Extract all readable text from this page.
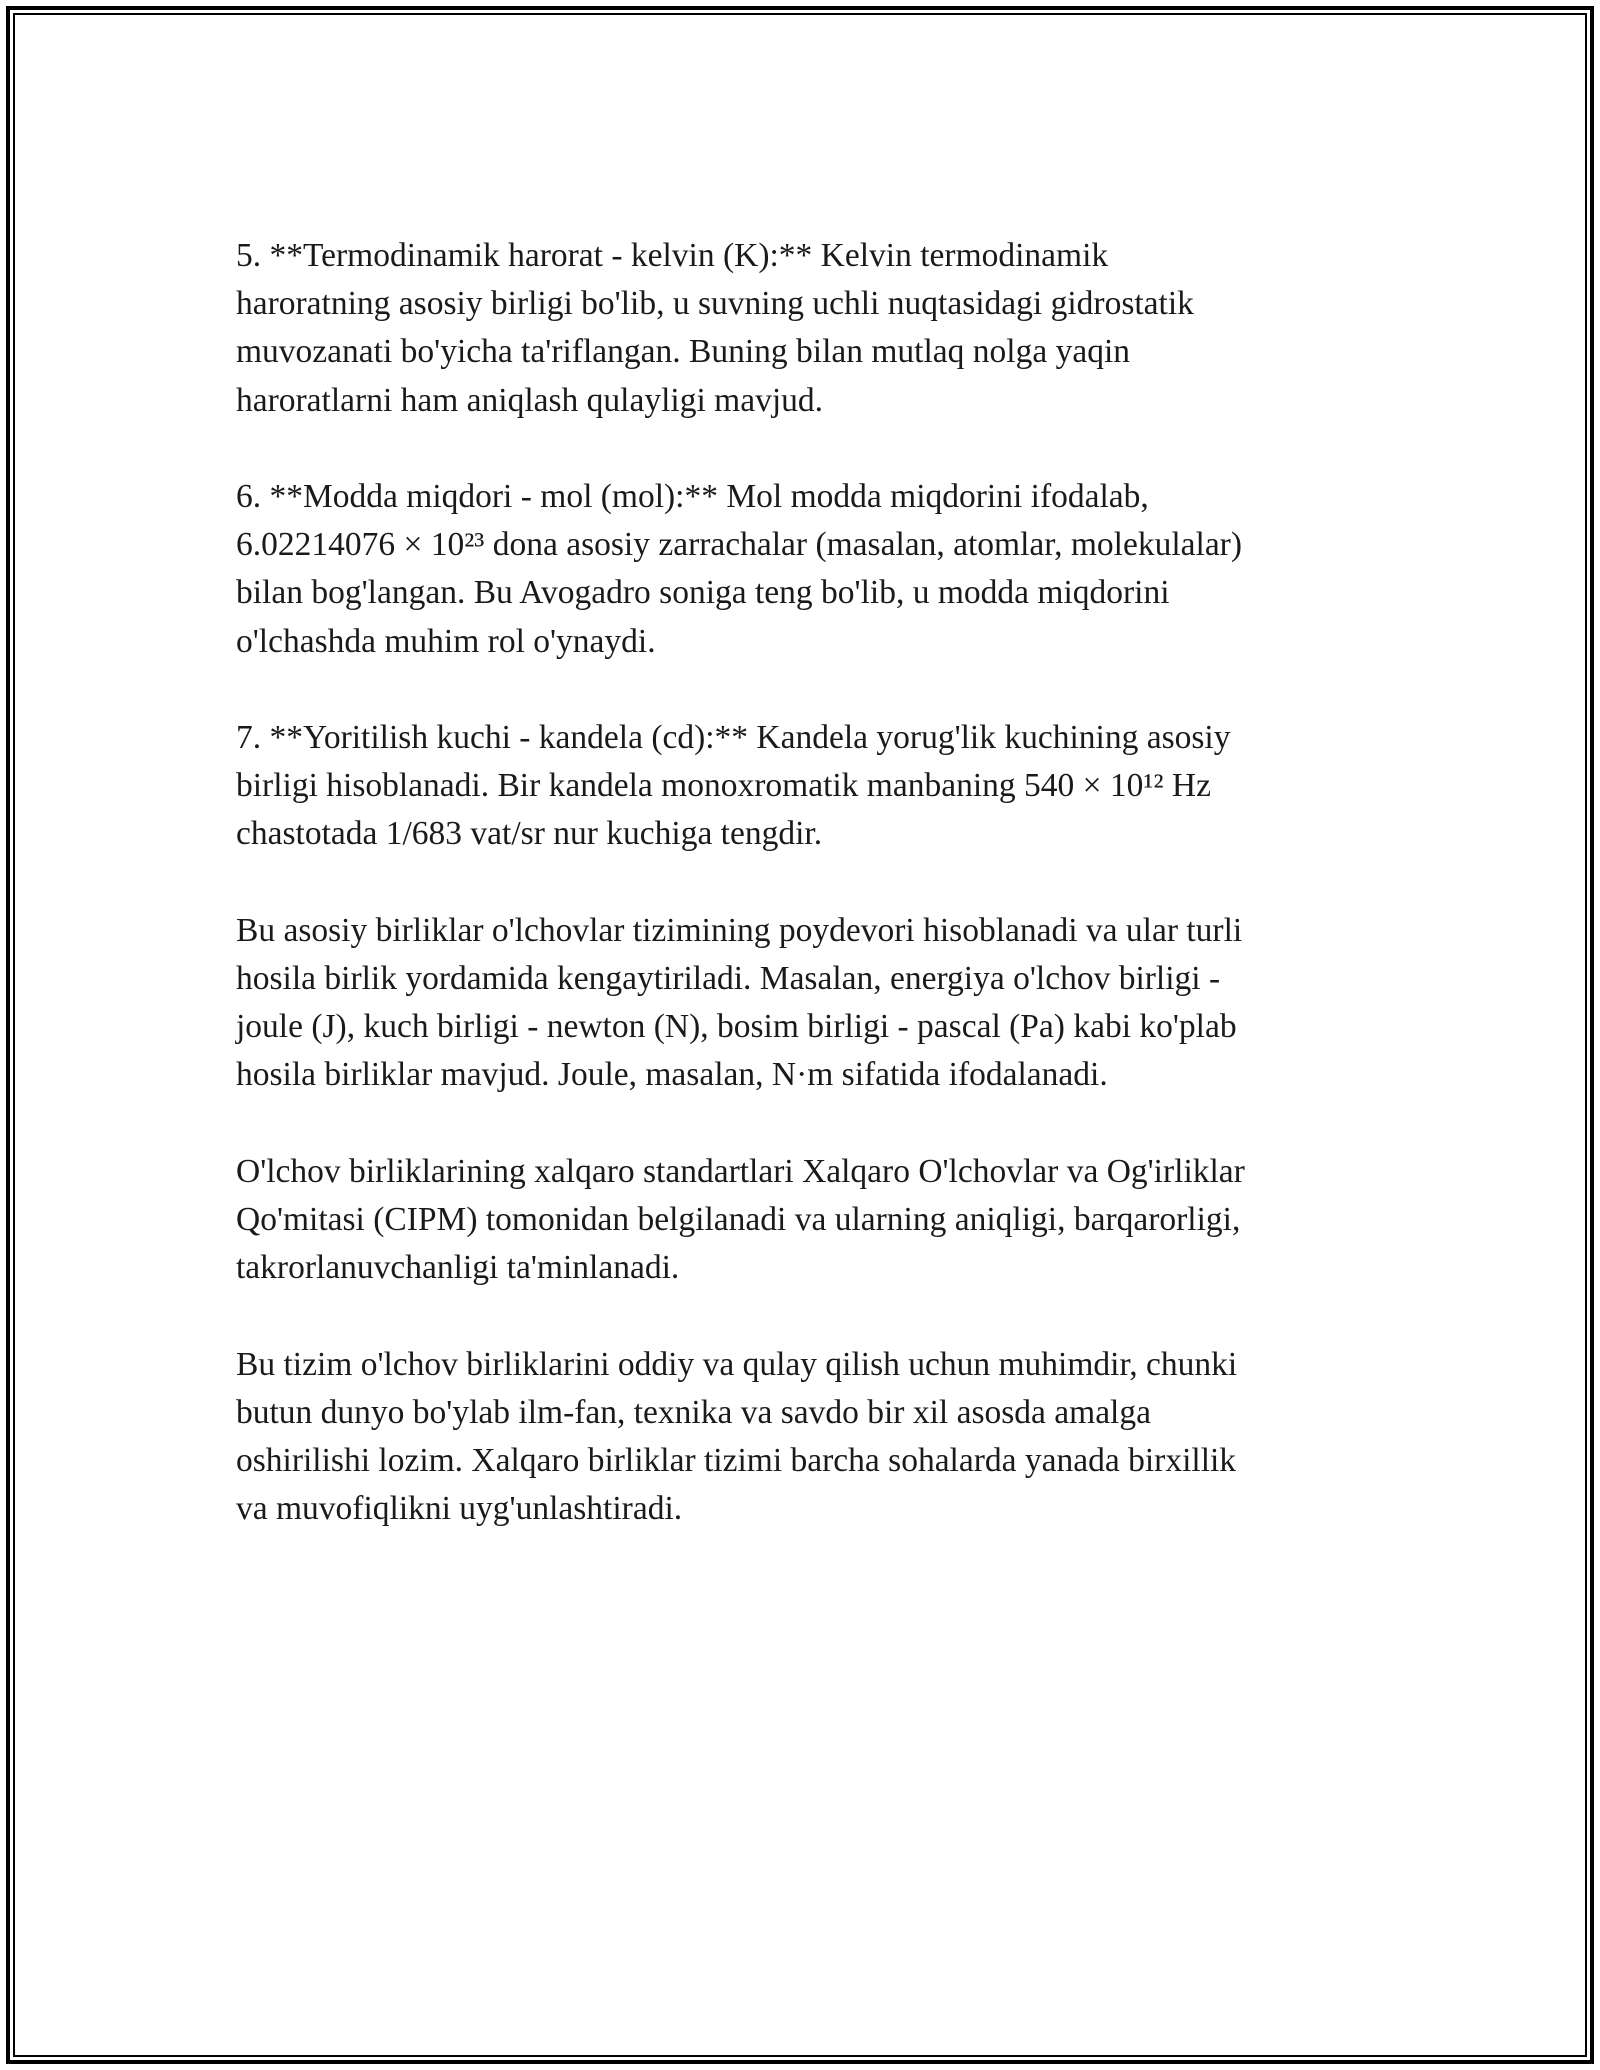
5. **Termodinamik harorat - kelvin (K):** Kelvin termodinamik
haroratning asosiy birligi bo'lib, u suvning uchli nuqtasidagi gidrostatik
muvozanati bo'yicha ta'riflangan. Buning bilan mutlaq nolga yaqin
haroratlarni ham aniqlash qulayligi mavjud.

6. **Modda miqdori - mol (mol):** Mol modda miqdorini ifodalab,
6.02214076 × 10²³ dona asosiy zarrachalar (masalan, atomlar, molekulalar)
bilan bog'langan. Bu Avogadro soniga teng bo'lib, u modda miqdorini
o'lchashda muhim rol o'ynaydi.

7. **Yoritilish kuchi - kandela (cd):** Kandela yorug'lik kuchining asosiy
birligi hisoblanadi. Bir kandela monoxromatik manbaning 540 × 10¹² Hz
chastotada 1/683 vat/sr nur kuchiga tengdir.

Bu asosiy birliklar o'lchovlar tizimining poydevori hisoblanadi va ular turli
hosila birlik yordamida kengaytiriladi. Masalan, energiya o'lchov birligi -
joule (J), kuch birligi - newton (N), bosim birligi - pascal (Pa) kabi ko'plab
hosila birliklar mavjud. Joule, masalan, N·m sifatida ifodalanadi.

O'lchov birliklarining xalqaro standartlari Xalqaro O'lchovlar va Og'irliklar
Qo'mitasi (CIPM) tomonidan belgilanadi va ularning aniqligi, barqarorligi,
takrorlanuvchanligi ta'minlanadi.

Bu tizim o'lchov birliklarini oddiy va qulay qilish uchun muhimdir, chunki
butun dunyo bo'ylab ilm-fan, texnika va savdo bir xil asosda amalga
oshirilishi lozim. Xalqaro birliklar tizimi barcha sohalarda yanada birxillik
va muvofiqlikni uyg'unlashtiradi.
